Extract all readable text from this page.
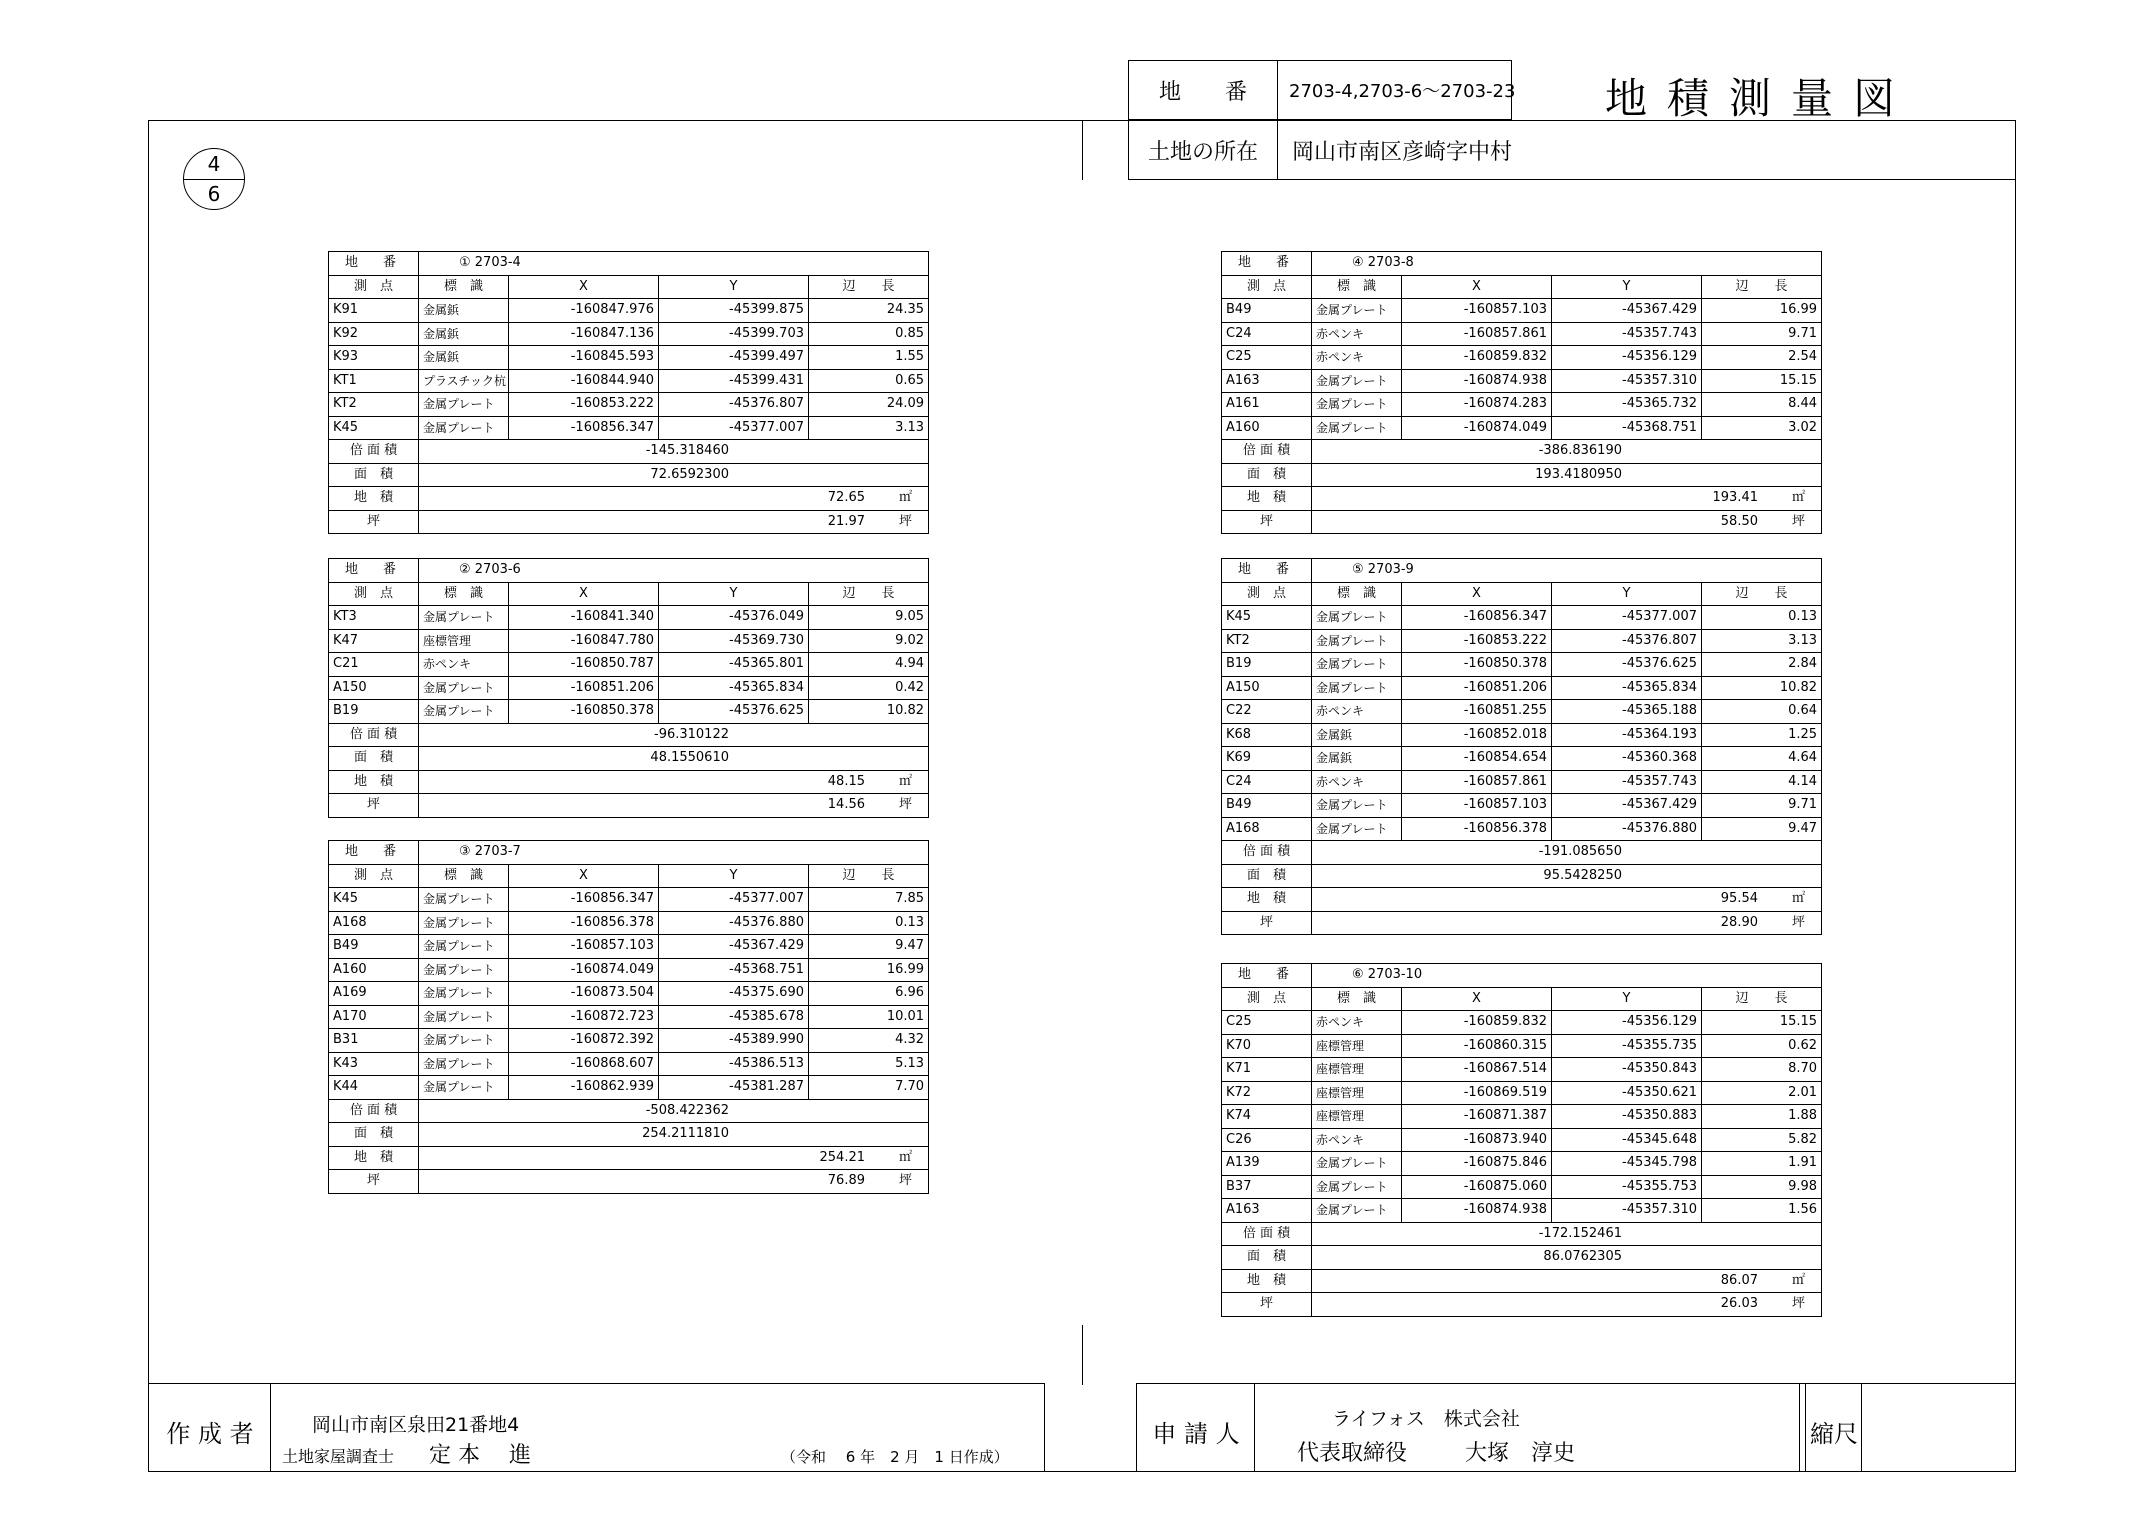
地　　番	2703-4,2703-6～2703-23 地積測量図
土地の所在	岡山市南区彦崎字中村
4
6
地　番	① 2703-4			
測　点	標　識	X	Y	辺　　長
K91	金属鋲	-160847.976	-45399.875	24.35
K92	金属鋲	-160847.136	-45399.703	0.85
K93	金属鋲	-160845.593	-45399.497	1.55
KT1	プラスチック杭	-160844.940	-45399.431	0.65
KT2	金属プレート	-160853.222	-45376.807	24.09
K45	金属プレート	-160856.347	-45377.007	3.13
倍 面 積	-145.318460			
面　積	72.6592300			
地　積	72.65 ㎡			
坪	21.97 坪			
地　番	② 2703-6			
測　点	標　識	X	Y	辺　　長
KT3	金属プレート	-160841.340	-45376.049	9.05
K47	座標管理	-160847.780	-45369.730	9.02
C21	赤ペンキ	-160850.787	-45365.801	4.94
A150	金属プレート	-160851.206	-45365.834	0.42
B19	金属プレート	-160850.378	-45376.625	10.82
倍 面 積	-96.310122			
面　積	48.1550610			
地　積	48.15 ㎡			
坪	14.56 坪			
地　番	③ 2703-7			
測　点	標　識	X	Y	辺　　長
K45	金属プレート	-160856.347	-45377.007	7.85
A168	金属プレート	-160856.378	-45376.880	0.13
B49	金属プレート	-160857.103	-45367.429	9.47
A160	金属プレート	-160874.049	-45368.751	16.99
A169	金属プレート	-160873.504	-45375.690	6.96
A170	金属プレート	-160872.723	-45385.678	10.01
B31	金属プレート	-160872.392	-45389.990	4.32
K43	金属プレート	-160868.607	-45386.513	5.13
K44	金属プレート	-160862.939	-45381.287	7.70
倍 面 積	-508.422362			
面　積	254.2111810			
地　積	254.21 ㎡			
坪	76.89 坪			
地　番	④ 2703-8			
測　点	標　識	X	Y	辺　　長
B49	金属プレート	-160857.103	-45367.429	16.99
C24	赤ペンキ	-160857.861	-45357.743	9.71
C25	赤ペンキ	-160859.832	-45356.129	2.54
A163	金属プレート	-160874.938	-45357.310	15.15
A161	金属プレート	-160874.283	-45365.732	8.44
A160	金属プレート	-160874.049	-45368.751	3.02
倍 面 積	-386.836190			
面　積	193.4180950			
地　積	193.41 ㎡			
坪	58.50 坪			
地　番	⑤ 2703-9			
測　点	標　識	X	Y	辺　　長
K45	金属プレート	-160856.347	-45377.007	0.13
KT2	金属プレート	-160853.222	-45376.807	3.13
B19	金属プレート	-160850.378	-45376.625	2.84
A150	金属プレート	-160851.206	-45365.834	10.82
C22	赤ペンキ	-160851.255	-45365.188	0.64
K68	金属鋲	-160852.018	-45364.193	1.25
K69	金属鋲	-160854.654	-45360.368	4.64
C24	赤ペンキ	-160857.861	-45357.743	4.14
B49	金属プレート	-160857.103	-45367.429	9.71
A168	金属プレート	-160856.378	-45376.880	9.47
倍 面 積	-191.085650			
面　積	95.5428250			
地　積	95.54 ㎡			
坪	28.90 坪			
地　番	⑥ 2703-10			
測　点	標　識	X	Y	辺　　長
C25	赤ペンキ	-160859.832	-45356.129	15.15
K70	座標管理	-160860.315	-45355.735	0.62
K71	座標管理	-160867.514	-45350.843	8.70
K72	座標管理	-160869.519	-45350.621	2.01
K74	座標管理	-160871.387	-45350.883	1.88
C26	赤ペンキ	-160873.940	-45345.648	5.82
A139	金属プレート	-160875.846	-45345.798	1.91
B37	金属プレート	-160875.060	-45355.753	9.98
A163	金属プレート	-160874.938	-45357.310	1.56
倍 面 積	-172.152461			
面　積	86.0762305			
地　積	86.07 ㎡			
坪	26.03 坪			
作 成 者	岡山市南区泉田21番地4
土地家屋調査士 定 本　 進	（令和　 6 年　2 月　1 日作成）
申 請 人
ライフォス　株式会社
代表取締役	大塚　淳史
縮尺
